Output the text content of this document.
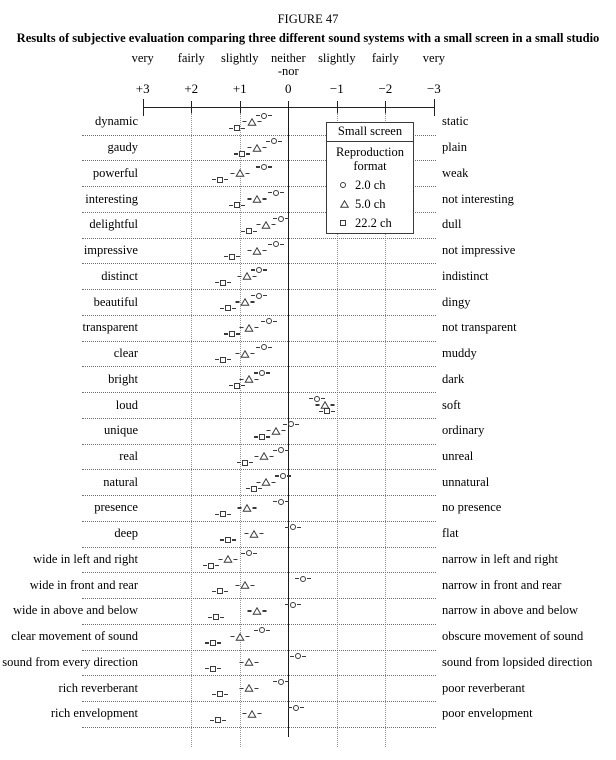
FIGURE 47
Results of subjective evaluation comparing three different sound systems with a small screen in a small studio
very
+3
fairly
+2
slightly
+1
neither
-nor
0
slightly
−1
fairly
−2
very
−3
dynamic	static
gaudy	plain
powerful	weak
interesting	not interesting
delightful	dull
impressive	not impressive
distinct	indistinct
beautiful	dingy
transparent	not transparent
clear	muddy
bright	dark
loud	soft
unique	ordinary
real	unreal
natural	unnatural
presence	no presence
deep	flat
wide in left and right	narrow in left and right
wide in front and rear	narrow in front and rear
wide in above and below	narrow in above and below
clear movement of sound	obscure movement of sound
sound from every direction	sound from lopsided direction
rich reverberant	poor reverberant
rich envelopment	poor envelopment
Small screen
Reproduction format
2.0 ch
5.0 ch
22.2 ch
